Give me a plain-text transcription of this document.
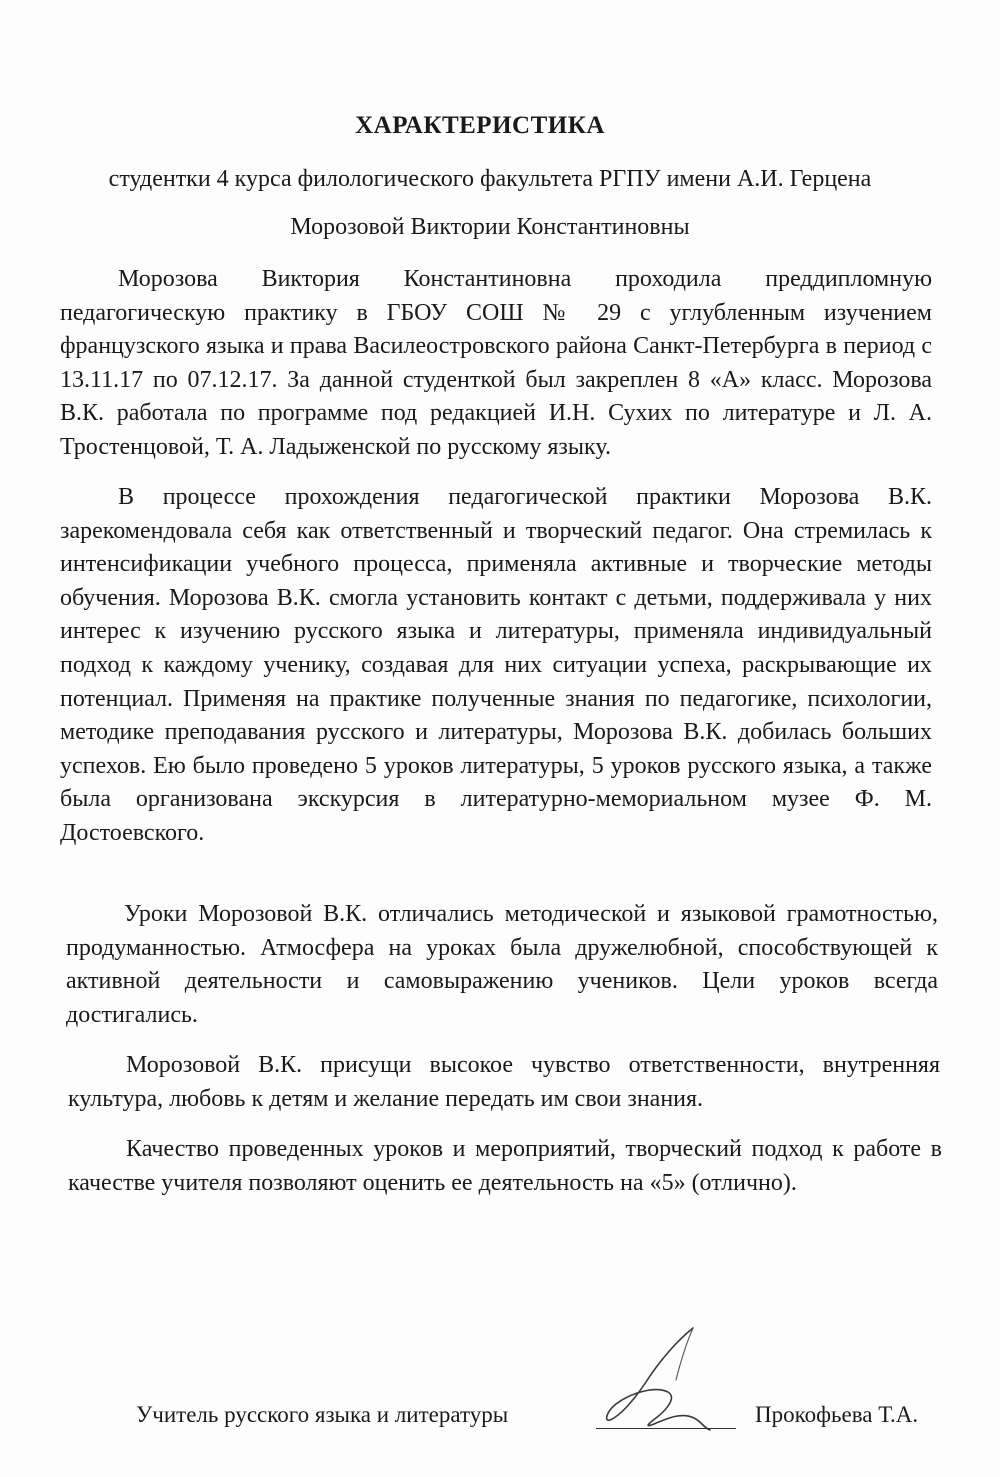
ХАРАКТЕРИСТИКА
студентки 4 курса филологического факультета РГПУ имени А.И. Герцена
Морозовой Виктории Константиновны

Морозова Виктория Константиновна проходила преддипломную педагогическую практику в ГБОУ СОШ № 29 с углубленным изучением французского языка и права Василеостровского района Санкт-Петербурга в период с 13.11.17 по 07.12.17. За данной студенткой был закреплен 8 «А» класс. Морозова В.К. работала по программе под редакцией И.Н. Сухих по литературе и Л. А. Тростенцовой, Т. А. Ладыженской по русскому языку.

В процессе прохождения педагогической практики Морозова В.К. зарекомендовала себя как ответственный и творческий педагог. Она стремилась к интенсификации учебного процесса, применяла активные и творческие методы обучения. Морозова В.К. смогла установить контакт с детьми, поддерживала у них интерес к изучению русского языка и литературы, применяла индивидуальный подход к каждому ученику, создавая для них ситуации успеха, раскрывающие их потенциал. Применяя на практике полученные знания по педагогике, психологии, методике преподавания русского и литературы, Морозова В.К. добилась больших успехов. Ею было проведено 5 уроков литературы, 5 уроков русского языка, а также была организована экскурсия в литературно-мемориальном музее Ф. М. Достоевского.

Уроки Морозовой В.К. отличались методической и языковой грамотностью, продуманностью. Атмосфера на уроках была дружелюбной, способствующей к активной деятельности и самовыражению учеников. Цели уроков всегда достигались.

Морозовой В.К. присущи высокое чувство ответственности, внутренняя культура, любовь к детям и желание передать им свои знания.

Качество проведенных уроков и мероприятий, творческий подход к работе в качестве учителя позволяют оценить ее деятельность на «5» (отлично).

Учитель русского языка и литературы	Прокофьева Т.А.
